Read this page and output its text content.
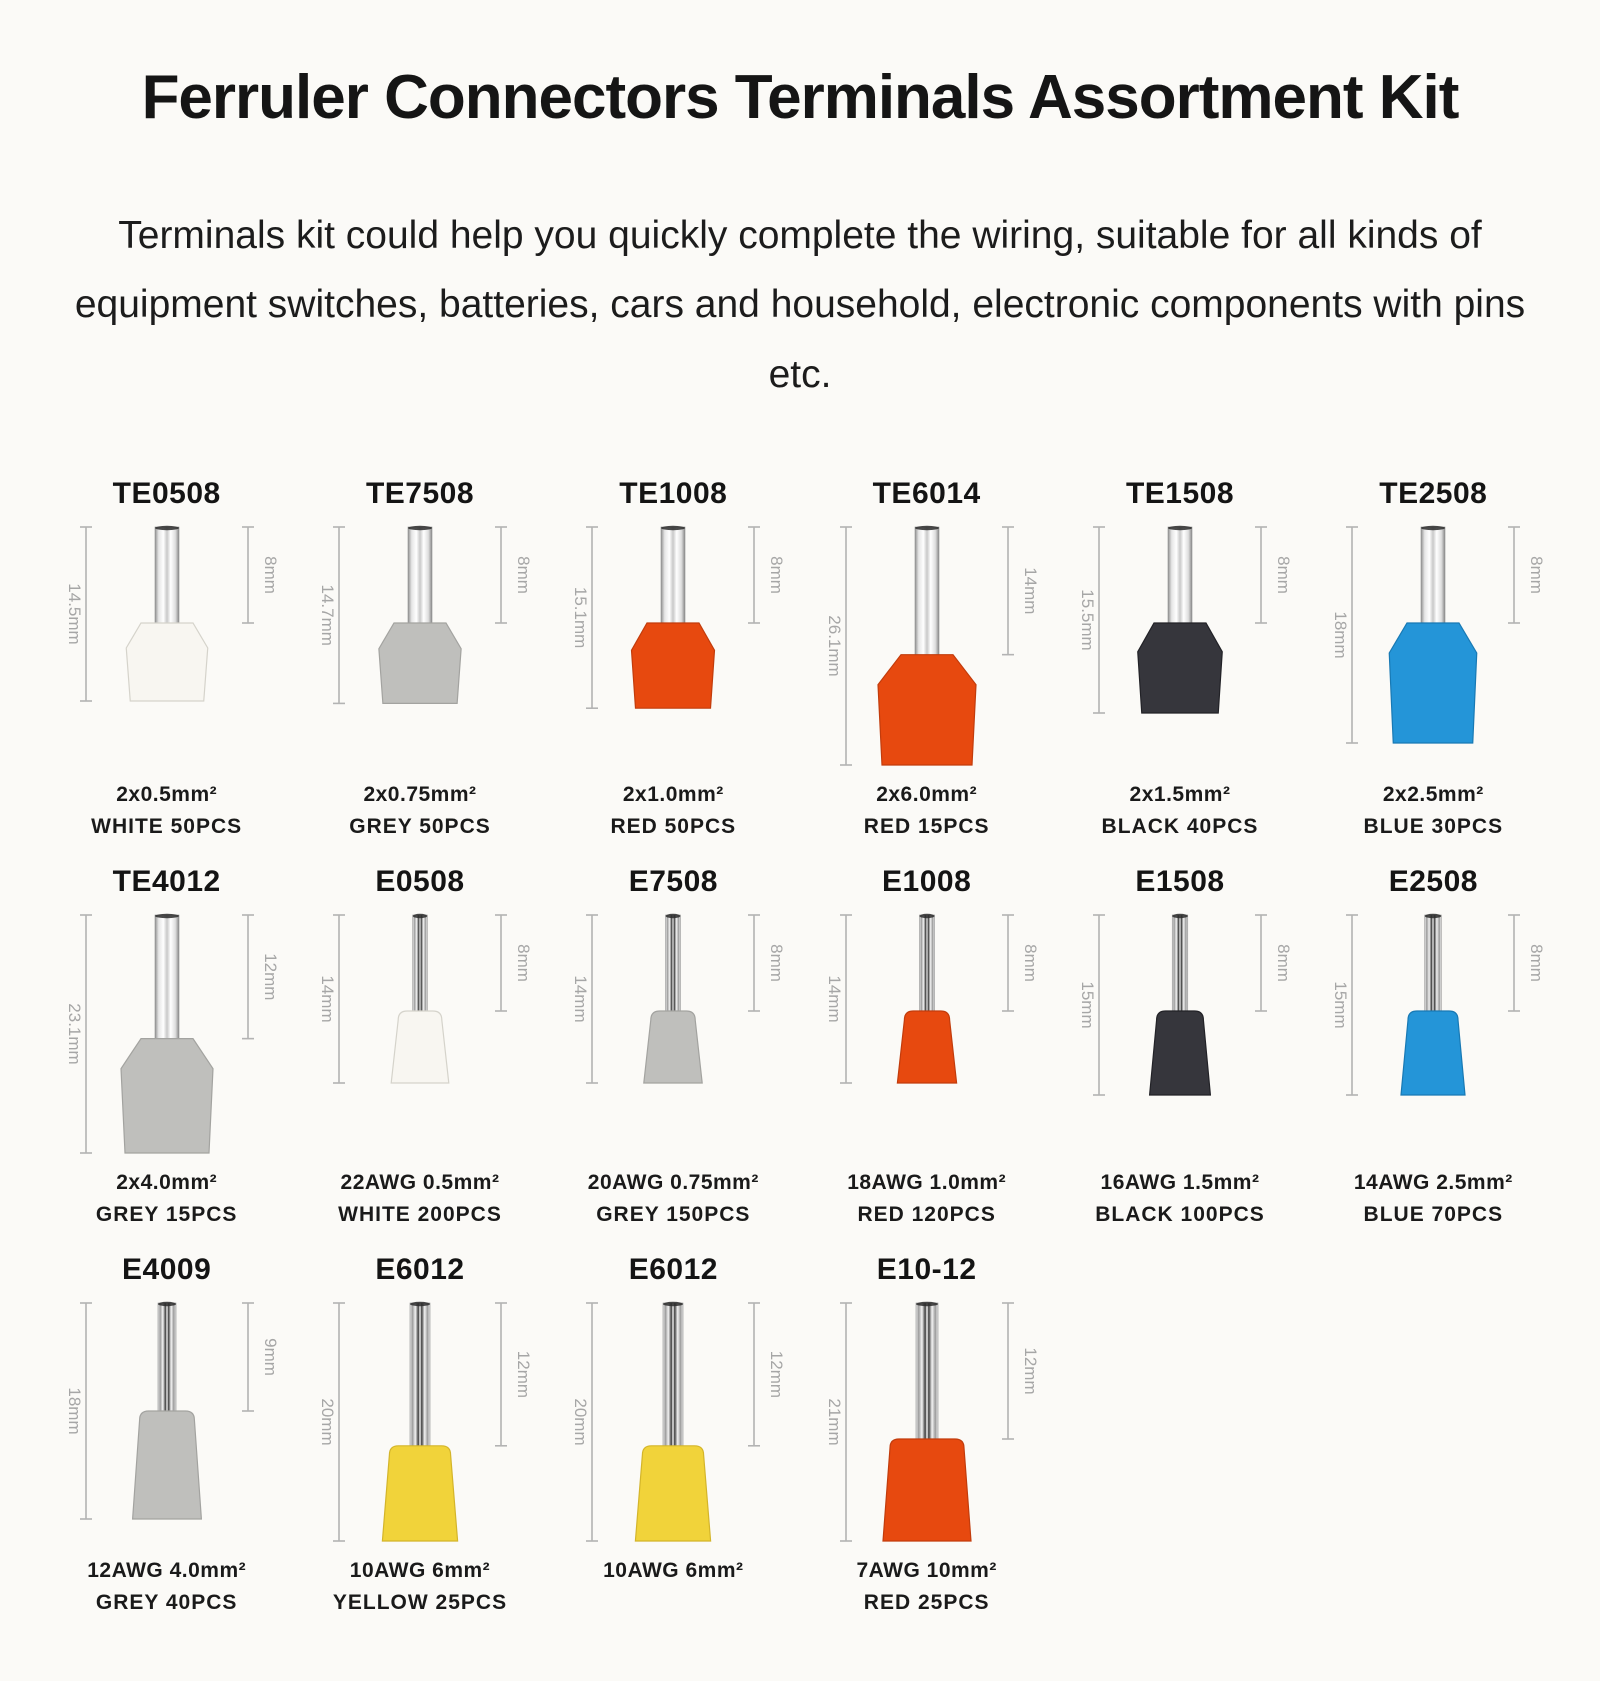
Ferruler Connectors Terminals Assortment Kit

Terminals kit could help you quickly complete the wiring, suitable for all kinds of equipment switches, batteries, cars and household, electronic components with pins etc.

TE0508
14.5mm
8mm
2x0.5mm²
WHITE 50PCS
TE7508
14.7mm
8mm
2x0.75mm²
GREY 50PCS
TE1008
15.1mm
8mm
2x1.0mm²
RED 50PCS
TE6014
26.1mm
14mm
2x6.0mm²
RED 15PCS
TE1508
15.5mm
8mm
2x1.5mm²
BLACK 40PCS
TE2508
18mm
8mm
2x2.5mm²
BLUE 30PCS
TE4012
23.1mm
12mm
2x4.0mm²
GREY 15PCS
E0508
14mm
8mm
22AWG 0.5mm²
WHITE 200PCS
E7508
14mm
8mm
20AWG 0.75mm²
GREY 150PCS
E1008
14mm
8mm
18AWG 1.0mm²
RED 120PCS
E1508
15mm
8mm
16AWG 1.5mm²
BLACK 100PCS
E2508
15mm
8mm
14AWG 2.5mm²
BLUE 70PCS
E4009
18mm
9mm
12AWG 4.0mm²
GREY 40PCS
E6012
20mm
12mm
10AWG 6mm²
YELLOW 25PCS
E6012
20mm
12mm
10AWG 6mm²
E10-12
21mm
12mm
7AWG 10mm²
RED 25PCS
